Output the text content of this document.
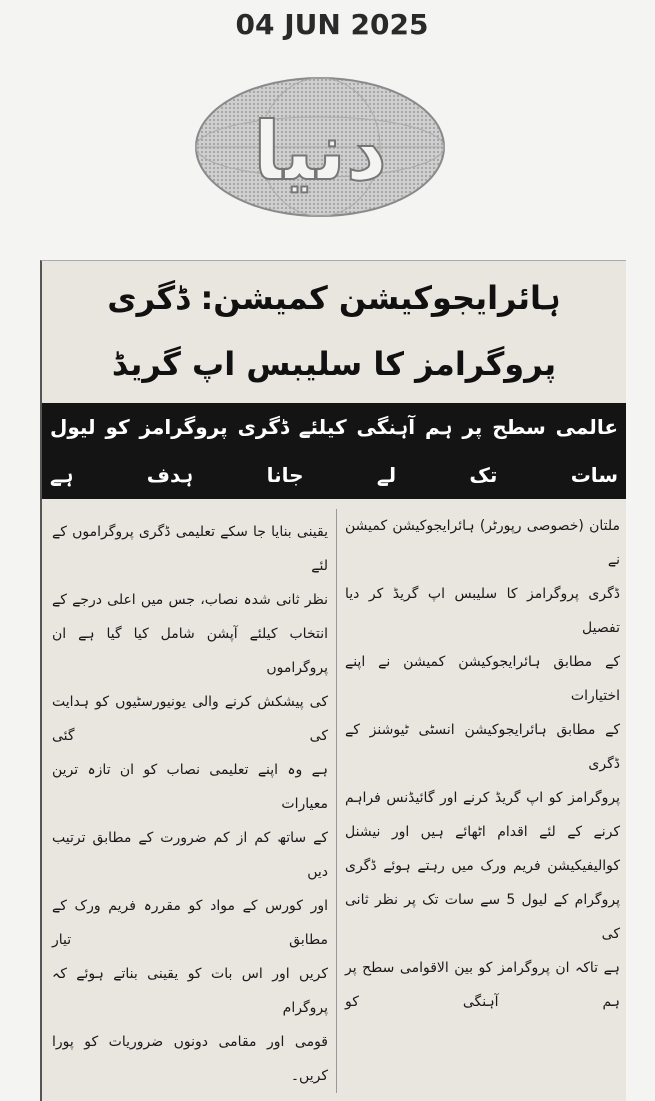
04 JUN 2025
دنیا
ہائرایجوکیشن کمیشن: ڈگری پروگرامز کا سلیبس اپ گریڈ
عالمی سطح پر ہم آہنگی کیلئے ڈگری پروگرامز کو لیول سات تک لے جانا ہدف ہے
ملتان (خصوصی رپورٹر) ہائرایجوکیشن کمیشن نے
ڈگری پروگرامز کا سلیبس اپ گریڈ کر دیا تفصیل
کے مطابق ہائرایجوکیشن کمیشن نے اپنے اختیارات
کے مطابق ہائرایجوکیشن انسٹی ٹیوشنز کے ڈگری
پروگرامز کو اپ گریڈ کرنے اور گائیڈنس فراہم
کرنے کے لئے اقدام اٹھائے ہیں اور نیشنل
کوالیفیکیشن فریم ورک میں رہتے ہوئے ڈگری
پروگرام کے لیول 5 سے سات تک پر نظر ثانی کی
ہے تاکہ ان پروگرامز کو بین الاقوامی سطح پر ہم آہنگی کو
یقینی بنایا جا سکے تعلیمی ڈگری پروگراموں کے لئے
نظر ثانی شدہ نصاب، جس میں اعلی درجے کے
انتخاب کیلئے آپشن شامل کیا گیا ہے ان پروگراموں
کی پیشکش کرنے والی یونیورسٹیوں کو ہدایت کی گئی
ہے وہ اپنے تعلیمی نصاب کو ان تازہ ترین معیارات
کے ساتھ کم از کم ضرورت کے مطابق ترتیب دیں
اور کورس کے مواد کو مقررہ فریم ورک کے مطابق تیار
کریں اور اس بات کو یقینی بناتے ہوئے کہ پروگرام
قومی اور مقامی دونوں ضروریات کو پورا کریں۔
